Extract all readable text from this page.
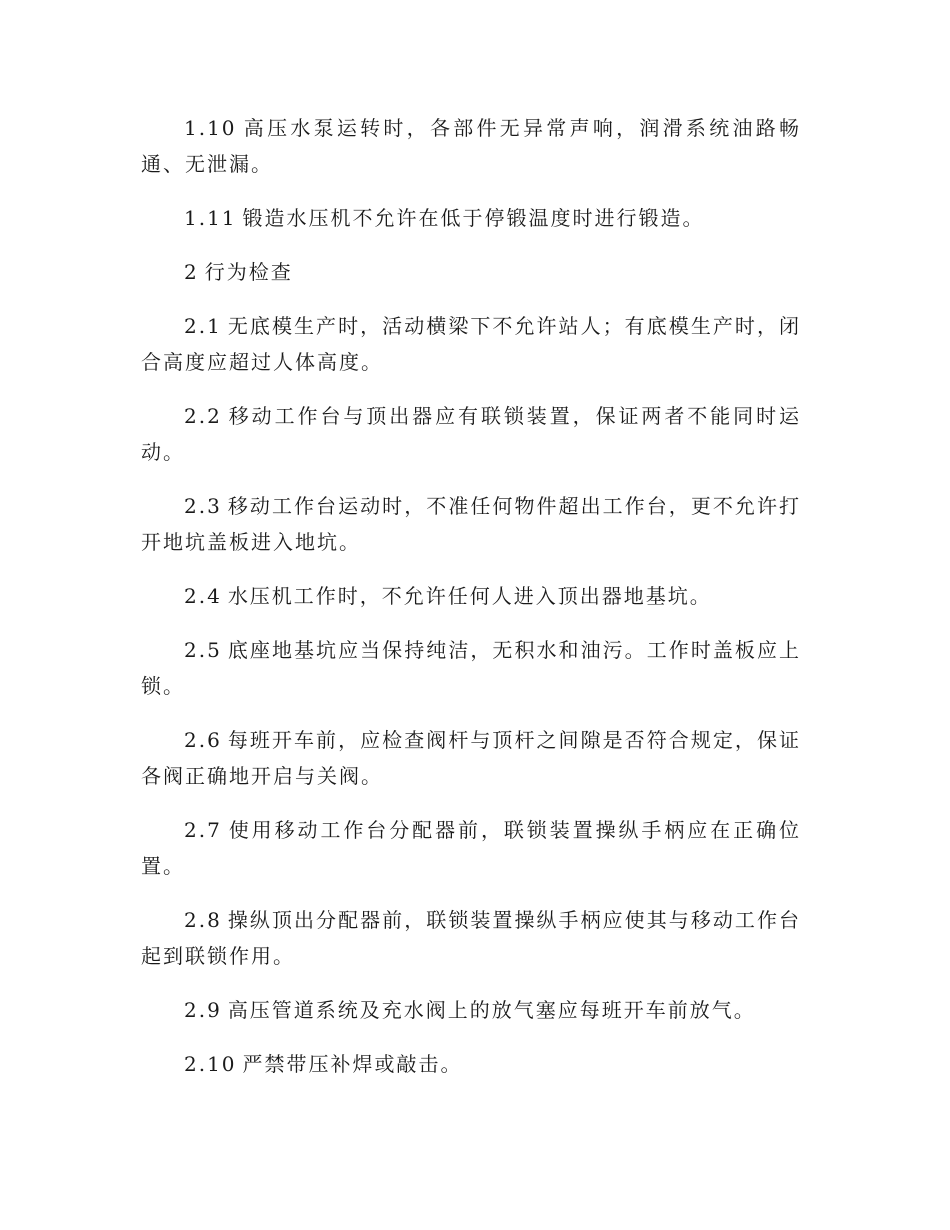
1.10 高压水泵运转时，各部件无异常声响，润滑系统油路畅通、无泄漏。

1.11 锻造水压机不允许在低于停锻温度时进行锻造。

2 行为检查

2.1 无底模生产时，活动横梁下不允许站人；有底模生产时，闭合高度应超过人体高度。

2.2 移动工作台与顶出器应有联锁装置，保证两者不能同时运动。

2.3 移动工作台运动时，不准任何物件超出工作台，更不允许打开地坑盖板进入地坑。

2.4 水压机工作时，不允许任何人进入顶出器地基坑。

2.5 底座地基坑应当保持纯洁，无积水和油污。工作时盖板应上锁。

2.6 每班开车前，应检查阀杆与顶杆之间隙是否符合规定，保证各阀正确地开启与关阀。

2.7 使用移动工作台分配器前，联锁装置操纵手柄应在正确位置。

2.8 操纵顶出分配器前，联锁装置操纵手柄应使其与移动工作台起到联锁作用。

2.9 高压管道系统及充水阀上的放气塞应每班开车前放气。

2.10 严禁带压补焊或敲击。
